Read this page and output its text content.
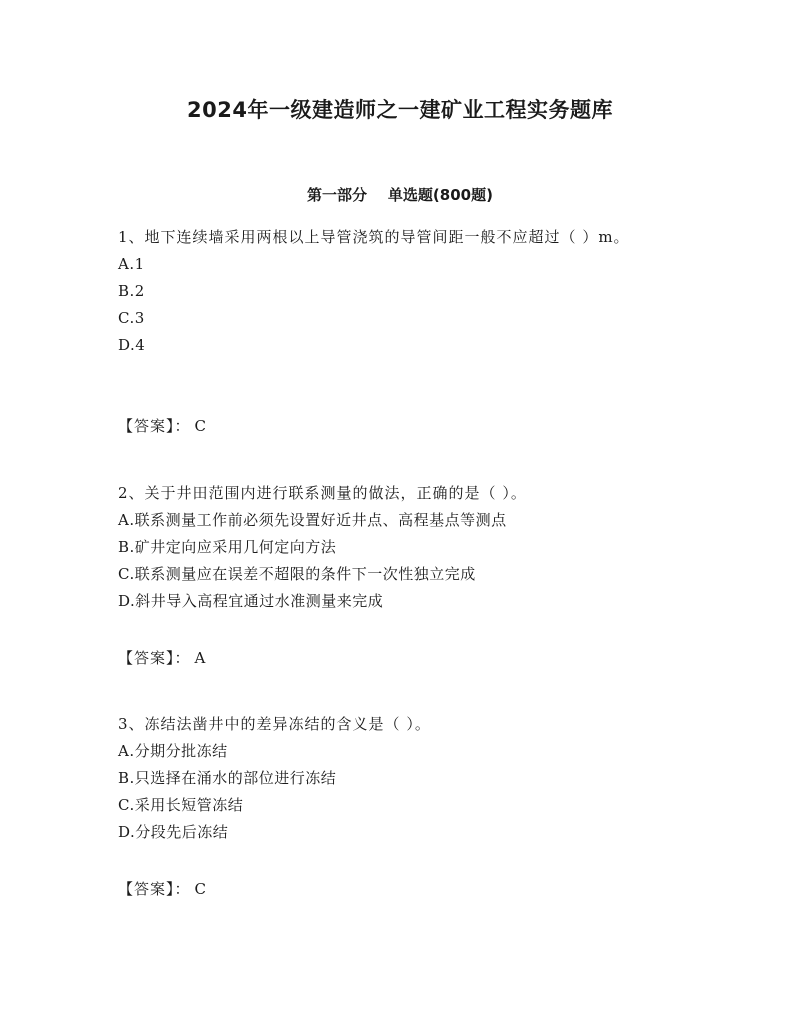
2024年一级建造师之一建矿业工程实务题库
第一部分    单选题(800题)

1、地下连续墙采用两根以上导管浇筑的导管间距一般不应超过（ ）m。

A.1

B.2

C.3

D.4

【答案】： C

2、关于井田范围内进行联系测量的做法，正确的是（ ）。

A.联系测量工作前必须先设置好近井点、高程基点等测点

B.矿井定向应采用几何定向方法

C.联系测量应在误差不超限的条件下一次性独立完成

D.斜井导入高程宜通过水准测量来完成

【答案】： A

3、冻结法凿井中的差异冻结的含义是（ ）。

A.分期分批冻结

B.只选择在涌水的部位进行冻结

C.采用长短管冻结

D.分段先后冻结

【答案】： C
